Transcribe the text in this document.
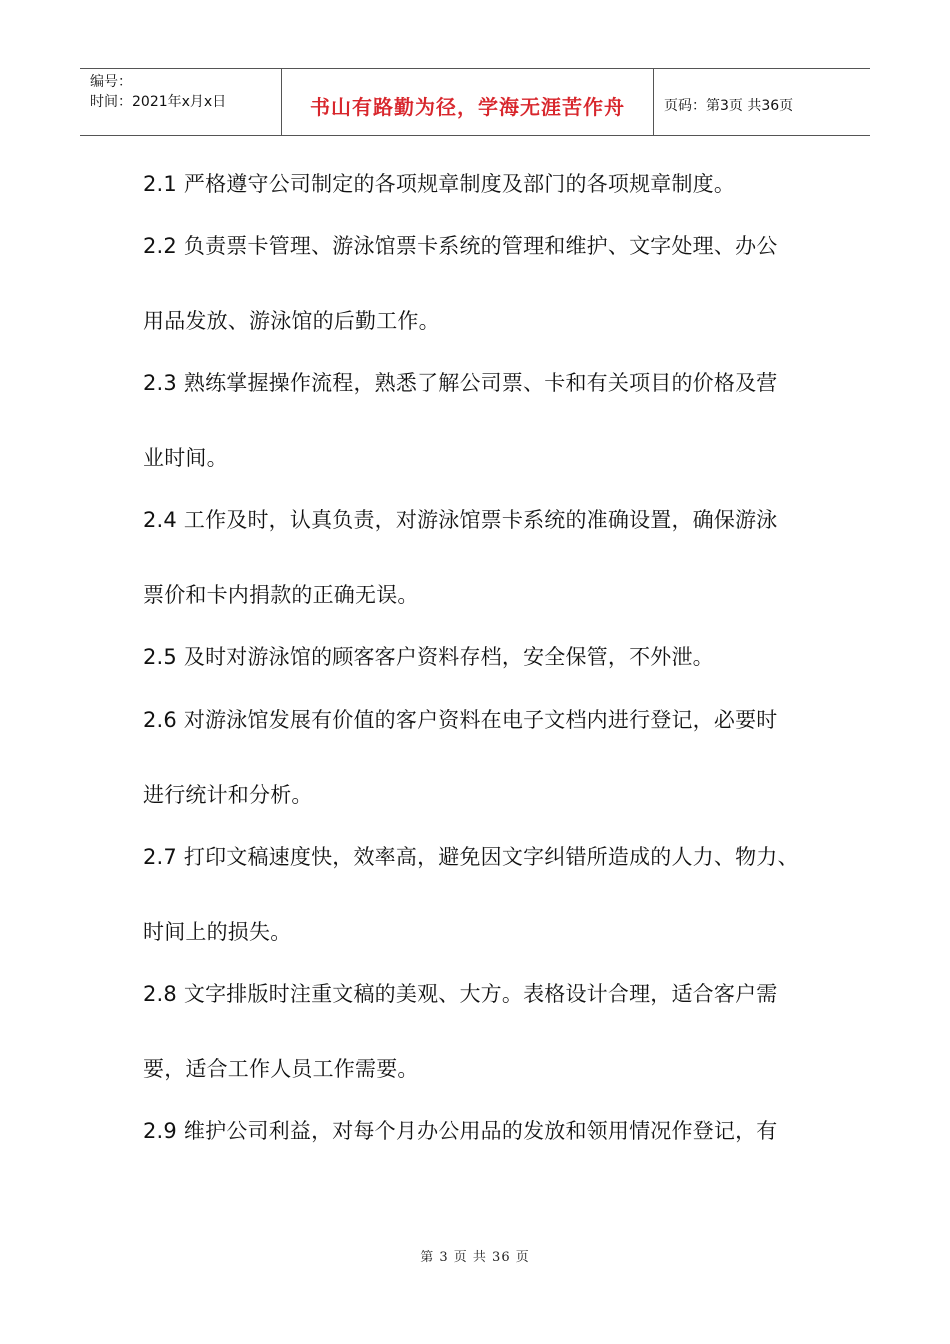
编号：
时间：2021年x月x日	书山有路勤为径，学海无涯苦作舟	页码：第3页 共36页
2.1 严格遵守公司制定的各项规章制度及部门的各项规章制度。
2.2 负责票卡管理、游泳馆票卡系统的管理和维护、文字处理、办公
用品发放、游泳馆的后勤工作。
2.3 熟练掌握操作流程，熟悉了解公司票、卡和有关项目的价格及营
业时间。
2.4 工作及时，认真负责，对游泳馆票卡系统的准确设置，确保游泳
票价和卡内捐款的正确无误。
2.5 及时对游泳馆的顾客客户资料存档，安全保管，不外泄。
2.6 对游泳馆发展有价值的客户资料在电子文档内进行登记，必要时
进行统计和分析。
2.7 打印文稿速度快，效率高，避免因文字纠错所造成的人力、物力、
时间上的损失。
2.8 文字排版时注重文稿的美观、大方。表格设计合理，适合客户需
要，适合工作人员工作需要。
2.9 维护公司利益，对每个月办公用品的发放和领用情况作登记，有
第 3 页 共 36 页
